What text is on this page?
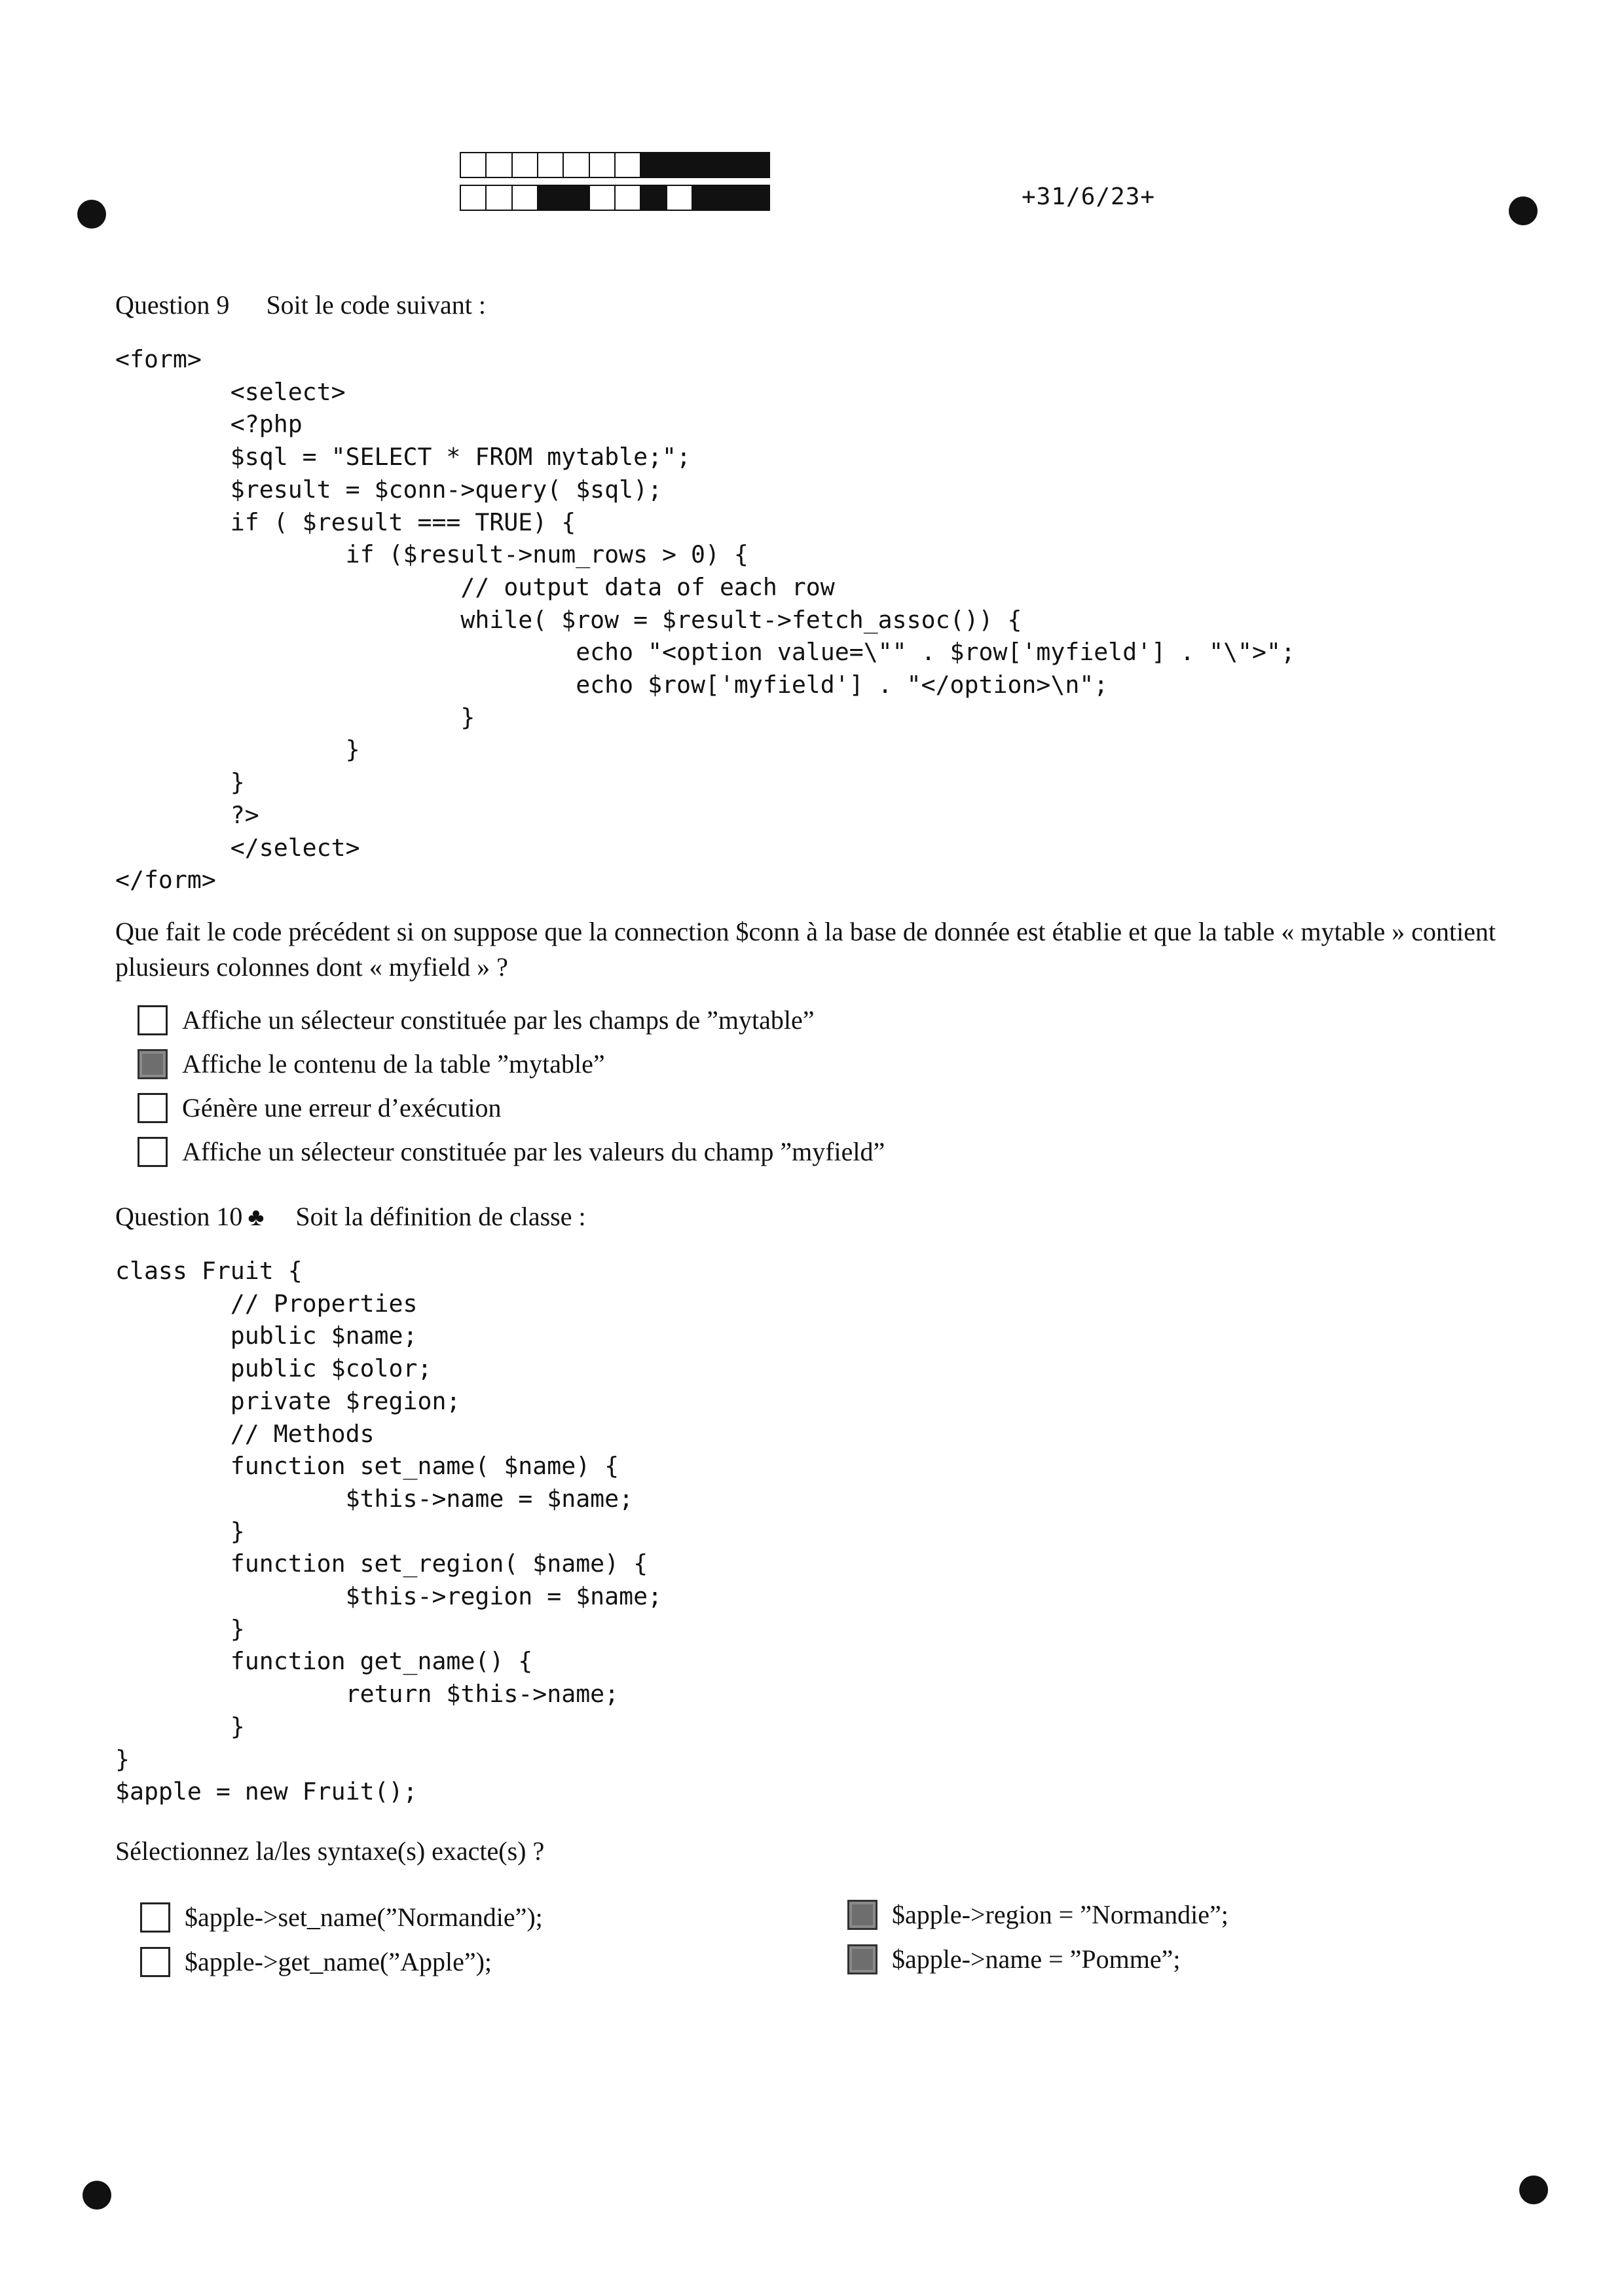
+31/6/23+
Question 9 Soit le code suivant :
<form>
<select>
<?php
$sql = "SELECT * FROM mytable;";
$result = $conn->query( $sql);
if ( $result === TRUE) {
if ($result->num_rows > 0) {
// output data of each row
while( $row = $result->fetch_assoc()) {
echo "<option value=\"" . $row['myfield'] . "\">";
echo $row['myfield'] . "</option>\n";
}
}
}
?>
</select>
</form>
Que fait le code précédent si on suppose que la connection $conn à la base de donnée est établie et que la table « mytable » contient plusieurs colonnes dont « myfield » ?
Affiche un sélecteur constituée par les champs de ”mytable”
Affiche le contenu de la table ”mytable”
Génère une erreur d’exécution
Affiche un sélecteur constituée par les valeurs du champ ”myfield”
Question 10 ♣ Soit la définition de classe :
class Fruit {
// Properties
public $name;
public $color;
private $region;
// Methods
function set_name( $name) {
$this->name = $name;
}
function set_region( $name) {
$this->region = $name;
}
function get_name() {
return $this->name;
}
}
$apple = new Fruit();
Sélectionnez la/les syntaxe(s) exacte(s) ?
$apple->set_name(”Normandie”);
$apple->get_name(”Apple”);
$apple->region = ”Normandie”;
$apple->name = ”Pomme”;
